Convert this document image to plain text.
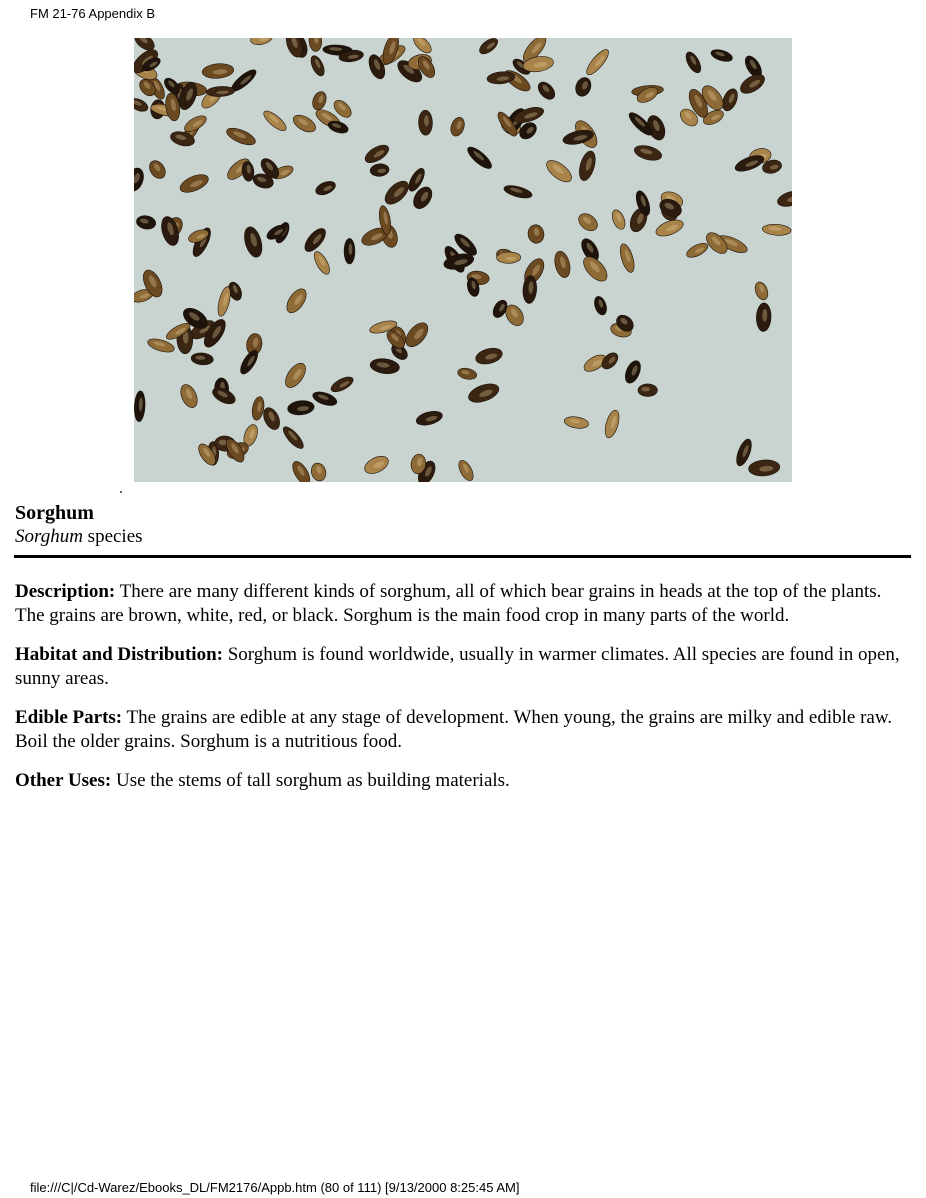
FM 21-76 Appendix B
Sorghum
Sorghum species

Description: There are many different kinds of sorghum, all of which bear grains in heads at the top of the plants. The grains are brown, white, red, or black. Sorghum is the main food crop in many parts of the world.

Habitat and Distribution: Sorghum is found worldwide, usually in warmer climates. All species are found in open, sunny areas.

Edible Parts: The grains are edible at any stage of development. When young, the grains are milky and edible raw. Boil the older grains. Sorghum is a nutritious food.

Other Uses: Use the stems of tall sorghum as building materials.

file:///C|/Cd-Warez/Ebooks_DL/FM2176/Appb.htm (80 of 111) [9/13/2000 8:25:45 AM]
